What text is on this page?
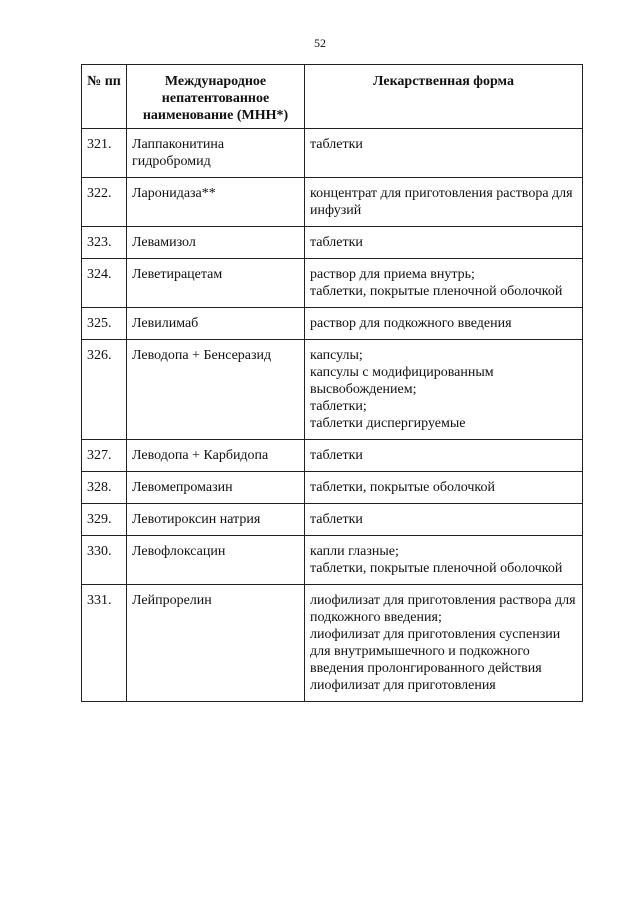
52
№ пп	Международное непатентованное наименование (МНН*)	Лекарственная форма
321.	Лаппаконитина гидробромид	таблетки
322.	Ларонидаза**	концентрат для приготовления раствора для инфузий
323.	Левамизол	таблетки
324.	Леветирацетам	раствор для приема внутрь;
таблетки, покрытые пленочной оболочкой
325.	Левилимаб	раствор для подкожного введения
326.	Леводопа + Бенсеразид	капсулы;
капсулы с модифицированным высвобождением;
таблетки;
таблетки диспергируемые
327.	Леводопа + Карбидопа	таблетки
328.	Левомепромазин	таблетки, покрытые оболочкой
329.	Левотироксин натрия	таблетки
330.	Левофлоксацин	капли глазные;
таблетки, покрытые пленочной оболочкой
331.	Лейпрорелин	лиофилизат для приготовления раствора для подкожного введения;
лиофилизат для приготовления суспензии для внутримышечного и подкожного введения пролонгированного действия
лиофилизат для приготовления
